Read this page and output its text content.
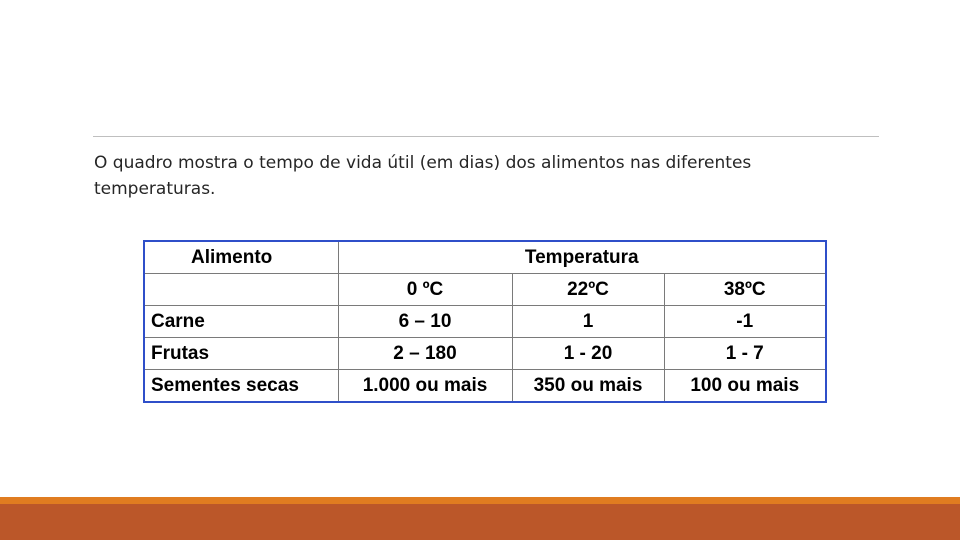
O quadro mostra o tempo de vida útil (em dias) dos alimentos nas diferentes temperaturas.
Alimento	Temperatura		
	0 ºC	22ºC	38ºC
Carne	6 – 10	1	-1
Frutas	2 – 180	1 - 20	1 - 7
Sementes secas	1.000 ou mais	350 ou mais	100 ou mais
